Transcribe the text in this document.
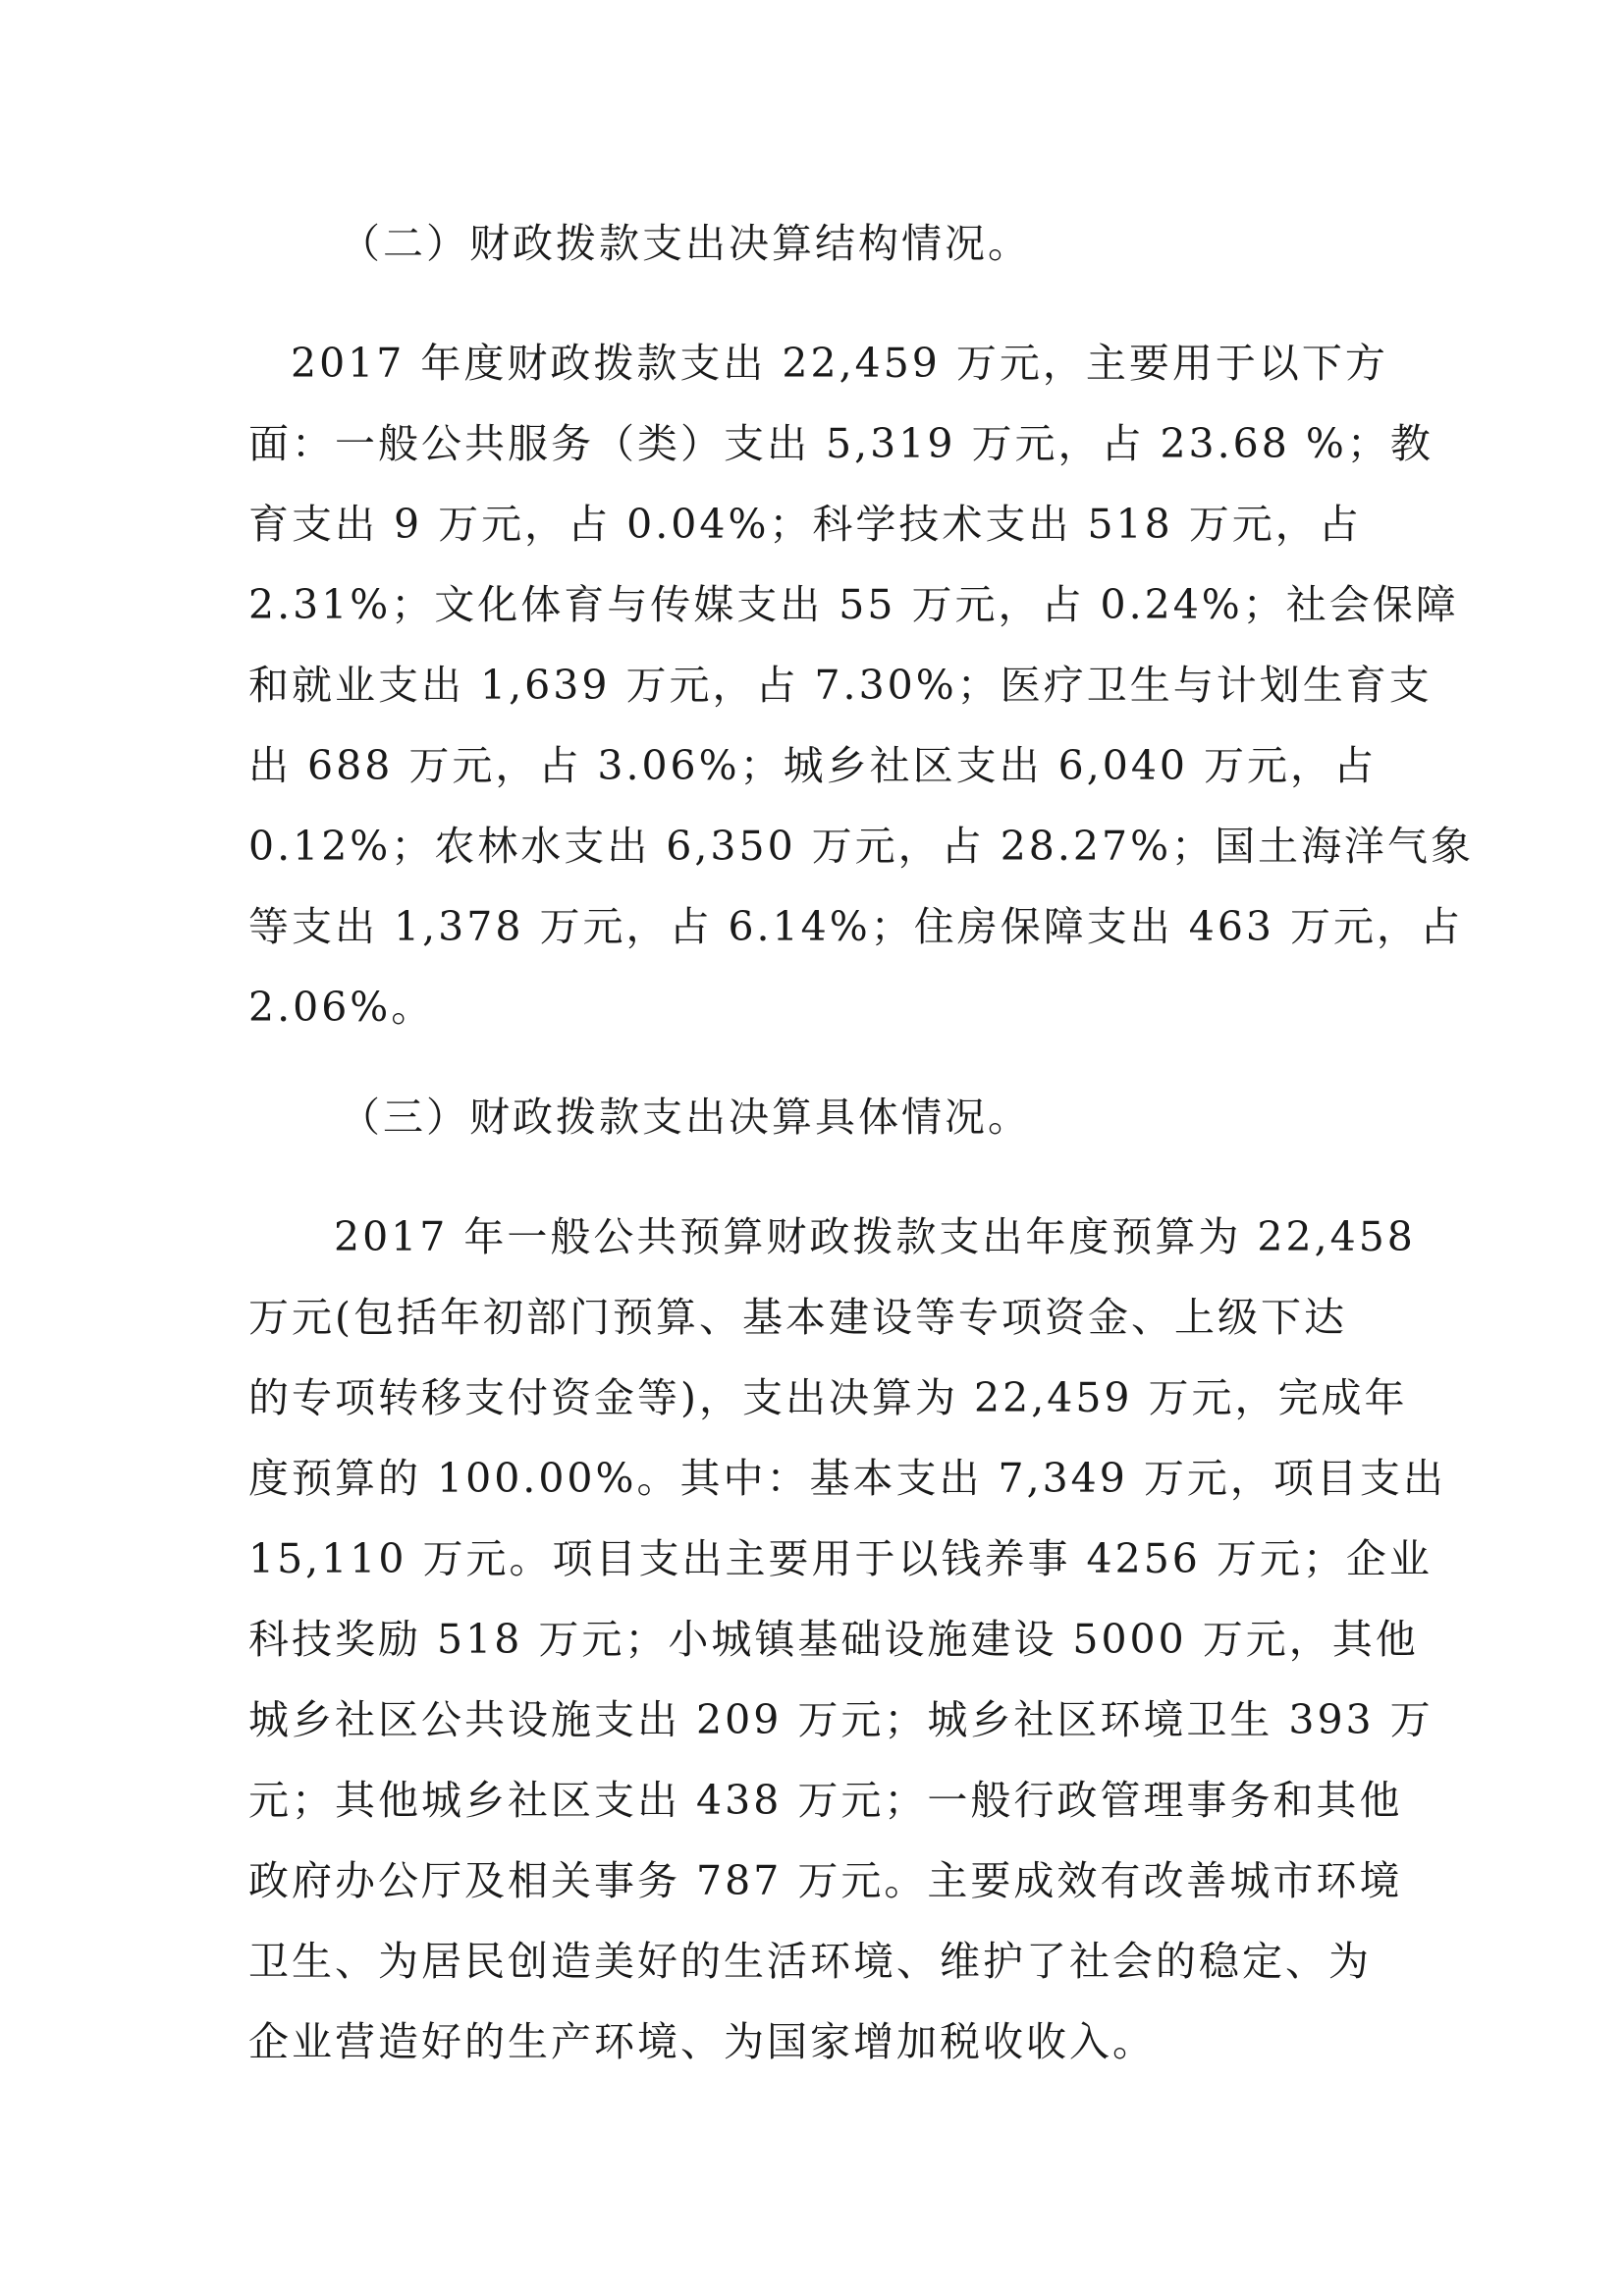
（二）财政拨款支出决算结构情况。
2017 年度财政拨款支出 22,459 万元，主要用于以下方
面：一般公共服务（类）支出 5,319 万元，占 23.68 %；教
育支出 9 万元，占 0.04%；科学技术支出 518 万元，占
2.31%；文化体育与传媒支出 55 万元，占 0.24%；社会保障
和就业支出 1,639 万元，占 7.30%；医疗卫生与计划生育支
出 688 万元，占 3.06%；城乡社区支出 6,040 万元，占
0.12%；农林水支出 6,350 万元，占 28.27%；国土海洋气象
等支出 1,378 万元，占 6.14%；住房保障支出 463 万元，占
2.06%。
（三）财政拨款支出决算具体情况。
2017 年一般公共预算财政拨款支出年度预算为 22,458
万元(包括年初部门预算、基本建设等专项资金、上级下达
的专项转移支付资金等)，支出决算为 22,459 万元，完成年
度预算的 100.00%。其中：基本支出 7,349 万元，项目支出
15,110 万元。项目支出主要用于以钱养事 4256 万元；企业
科技奖励 518 万元；小城镇基础设施建设 5000 万元，其他
城乡社区公共设施支出 209 万元；城乡社区环境卫生 393 万
元；其他城乡社区支出 438 万元；一般行政管理事务和其他
政府办公厅及相关事务 787 万元。主要成效有改善城市环境
卫生、为居民创造美好的生活环境、维护了社会的稳定、为
企业营造好的生产环境、为国家增加税收收入。
